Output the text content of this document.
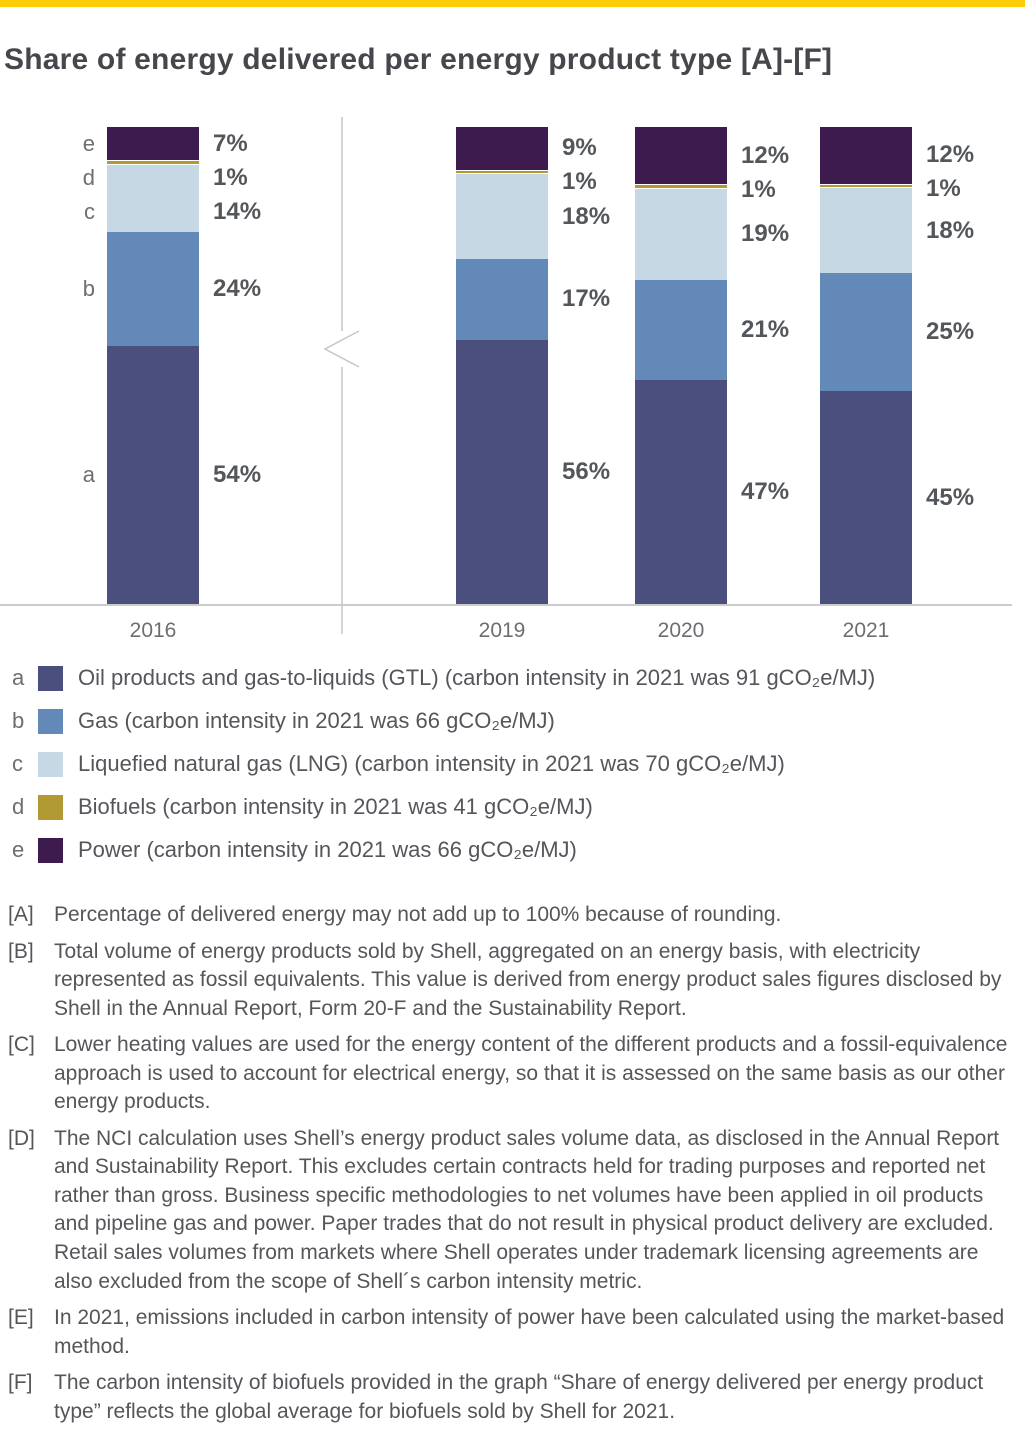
Share of energy delivered per energy product type [A]-[F]
7%
e
1%
d
14%
c
24%
b
54%
a
2016
9%
1%
18%
17%
56%
2019
12%
1%
19%
21%
47%
2020
12%
1%
18%
25%
45%
2021
a	Oil products and gas-to-liquids (GTL) (carbon intensity in 2021 was 91 gCO₂e/MJ)
b	Gas (carbon intensity in 2021 was 66 gCO₂e/MJ)
c	Liquefied natural gas (LNG) (carbon intensity in 2021 was 70 gCO₂e/MJ)
d	Biofuels (carbon intensity in 2021 was 41 gCO₂e/MJ)
e	Power (carbon intensity in 2021 was 66 gCO₂e/MJ)
[A] Percentage of delivered energy may not add up to 100% because of rounding.
[B] Total volume of energy products sold by Shell, aggregated on an energy basis, with electricity represented as fossil equivalents. This value is derived from energy product sales figures disclosed by Shell in the Annual Report, Form 20-F and the Sustainability Report.
[C] Lower heating values are used for the energy content of the different products and a fossil-equivalence approach is used to account for electrical energy, so that it is assessed on the same basis as our other energy products.
[D] The NCI calculation uses Shell’s energy product sales volume data, as disclosed in the Annual Report and Sustainability Report. This excludes certain contracts held for trading purposes and reported net rather than gross. Business specific methodologies to net volumes have been applied in oil products and pipeline gas and power. Paper trades that do not result in physical product delivery are excluded. Retail sales volumes from markets where Shell operates under trademark licensing agreements are also excluded from the scope of Shell´s carbon intensity metric.
[E] In 2021, emissions included in carbon intensity of power have been calculated using the market-based method.
[F]	The carbon intensity of biofuels provided in the graph “Share of energy delivered per energy product type” reflects the global average for biofuels sold by Shell for 2021.
